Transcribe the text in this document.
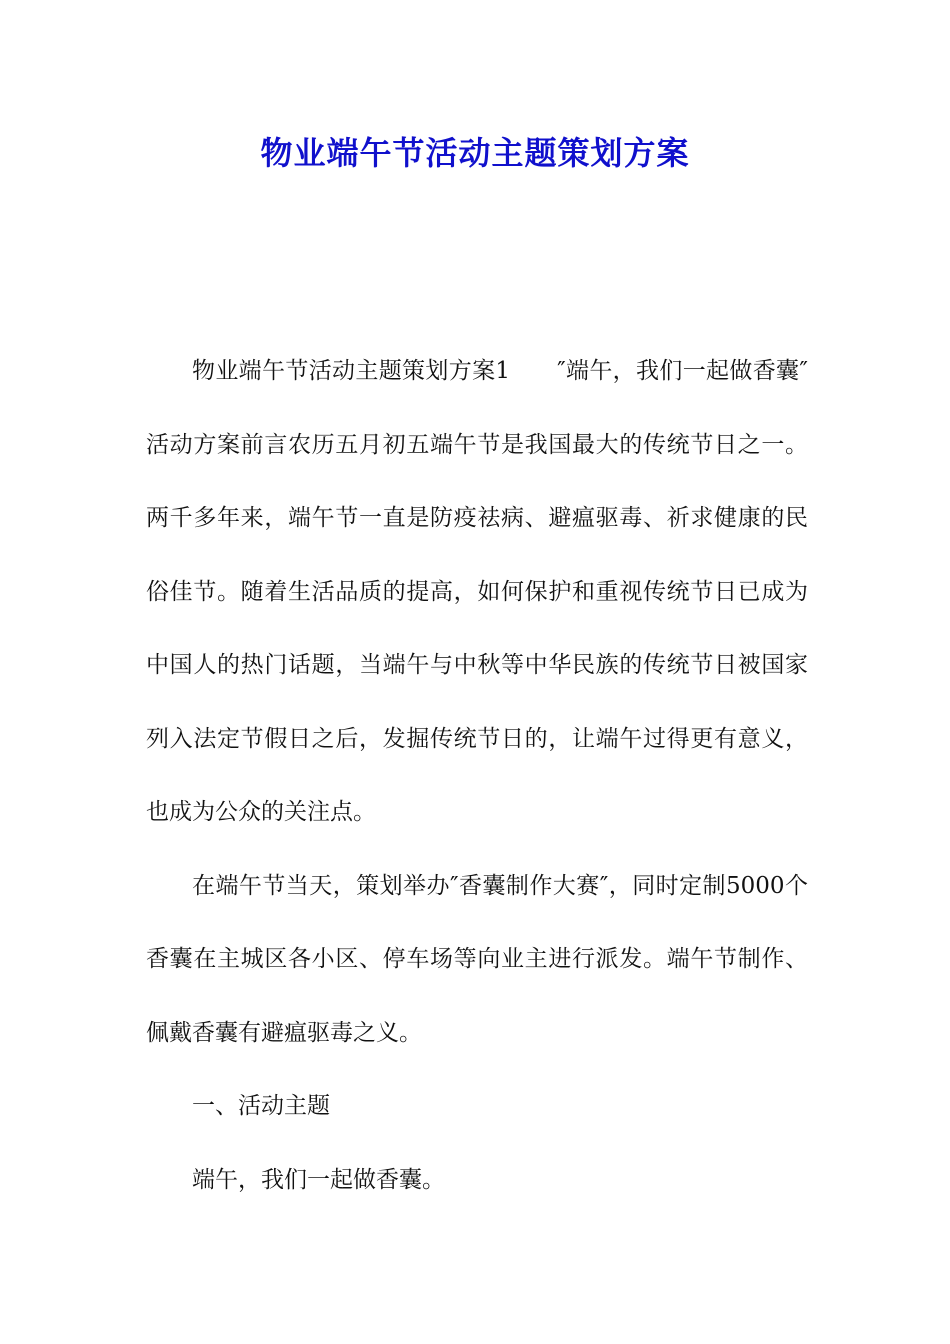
物业端午节活动主题策划方案

物业端午节活动主题策划方案1　　″端午，我们一起做香囊″活动方案前言农历五月初五端午节是我国最大的传统节日之一。两千多年来，端午节一直是防疫祛病、避瘟驱毒、祈求健康的民俗佳节。随着生活品质的提高，如何保护和重视传统节日已成为中国人的热门话题，当端午与中秋等中华民族的传统节日被国家列入法定节假日之后，发掘传统节日的，让端午过得更有意义，也成为公众的关注点。

在端午节当天，策划举办″香囊制作大赛″，同时定制5000个香囊在主城区各小区、停车场等向业主进行派发。端午节制作、佩戴香囊有避瘟驱毒之义。

一、活动主题

端午，我们一起做香囊。
